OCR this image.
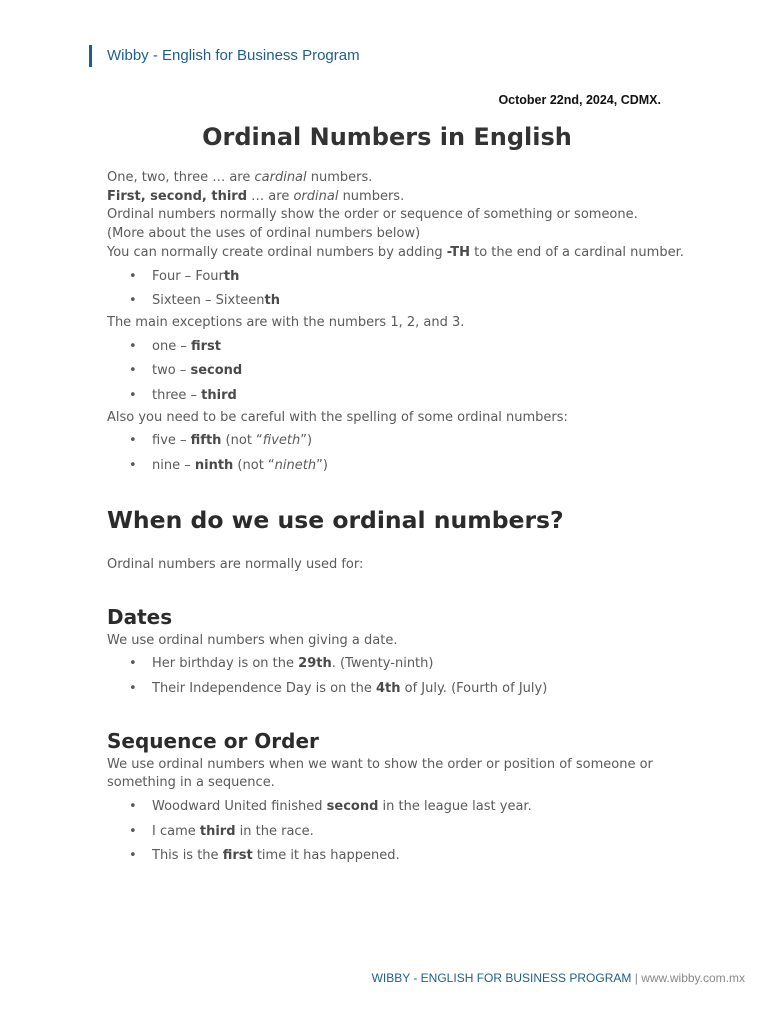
Wibby - English for Business Program
October 22nd, 2024, CDMX.
Ordinal Numbers in English

One, two, three … are cardinal numbers.

First, second, third … are ordinal numbers.

Ordinal numbers normally show the order or sequence of something or someone.

(More about the uses of ordinal numbers below)

You can normally create ordinal numbers by adding -TH to the end of a cardinal number.

• Four – Fourth
• Sixteen – Sixteenth

The main exceptions are with the numbers 1, 2, and 3.

• one – first
• two – second
• three – third

Also you need to be careful with the spelling of some ordinal numbers:

• five – fifth (not “fiveth”)
• nine – ninth (not “nineth”)
When do we use ordinal numbers?

Ordinal numbers are normally used for:

Dates

We use ordinal numbers when giving a date.

• Her birthday is on the 29th. (Twenty-ninth)
• Their Independence Day is on the 4th of July. (Fourth of July)
Sequence or Order

We use ordinal numbers when we want to show the order or position of someone or something in a sequence.

• Woodward United finished second in the league last year.
• I came third in the race.
• This is the first time it has happened.
WIBBY - ENGLISH FOR BUSINESS PROGRAM | www.wibby.com.mx
